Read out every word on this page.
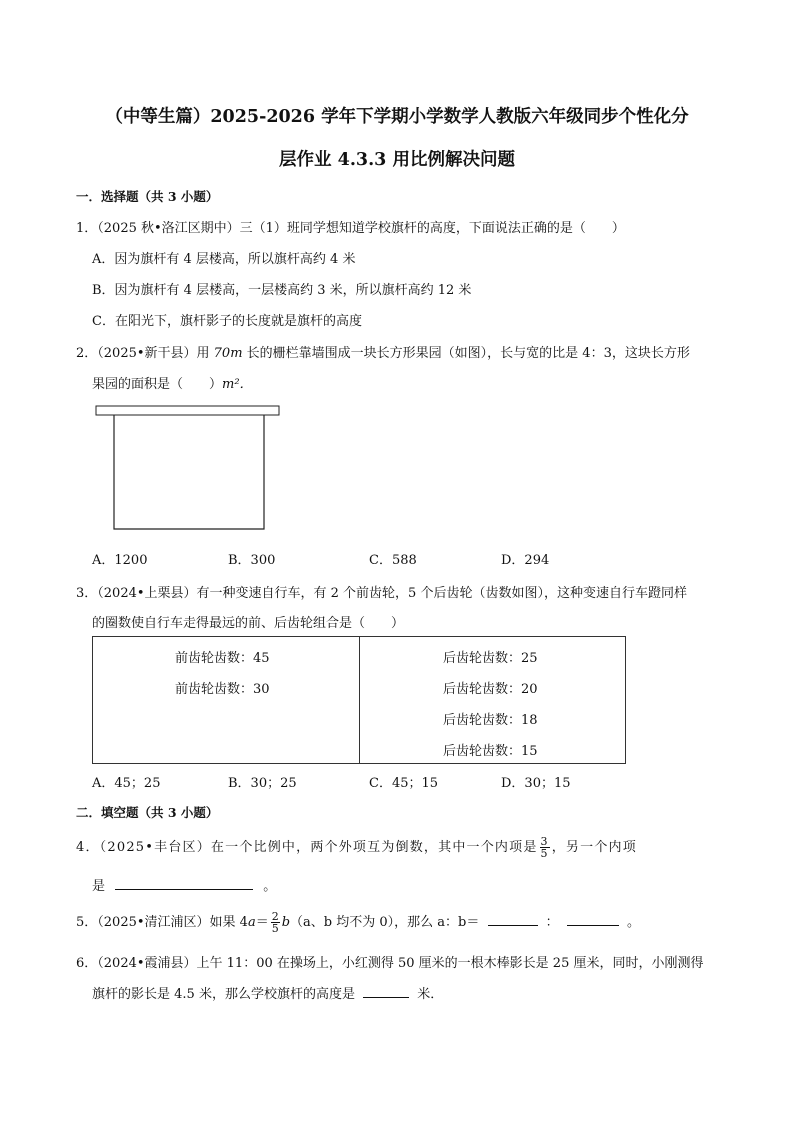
（中等生篇）2025-2026 学年下学期小学数学人教版六年级同步个性化分
层作业 4.3.3 用比例解决问题
一．选择题（共 3 小题）
1．（2025 秋•洛江区期中）三（1）班同学想知道学校旗杆的高度，下面说法正确的是（　　）
A．因为旗杆有 4 层楼高，所以旗杆高约 4 米
B．因为旗杆有 4 层楼高，一层楼高约 3 米，所以旗杆高约 12 米
C．在阳光下，旗杆影子的长度就是旗杆的高度
2．（2025•新干县）用 70m 长的栅栏靠墙围成一块长方形果园（如图），长与宽的比是 4：3，这块长方形
果园的面积是（　　）m²．
A．1200	B．300	C．588	D．294
3．（2024•上栗县）有一种变速自行车，有 2 个前齿轮，5 个后齿轮（齿数如图），这种变速自行车蹬同样
的圈数使自行车走得最远的前、后齿轮组合是（　　）
前齿轮齿数：45
前齿轮齿数：30
后齿轮齿数：25
后齿轮齿数：20
后齿轮齿数：18
后齿轮齿数：15
A．45；25	B．30；25	C．45；15	D．30；15
二．填空题（共 3 小题）
4．（2025•丰台区）在一个比例中，两个外项互为倒数，其中一个内项是 $\frac{3}{5}$ ，另一个内项
是	。
5．（2025•清江浦区）如果 $4a= \frac{2}{5} b(a$、b 均不为 0），那么 a：b＝	：	。
6．（2024•霞浦县）上午 11：00 在操场上，小红测得 50 厘米的一根木棒影长是 25 厘米，同时，小刚测得
旗杆的影长是 4.5 米，那么学校旗杆的高度是	米．
